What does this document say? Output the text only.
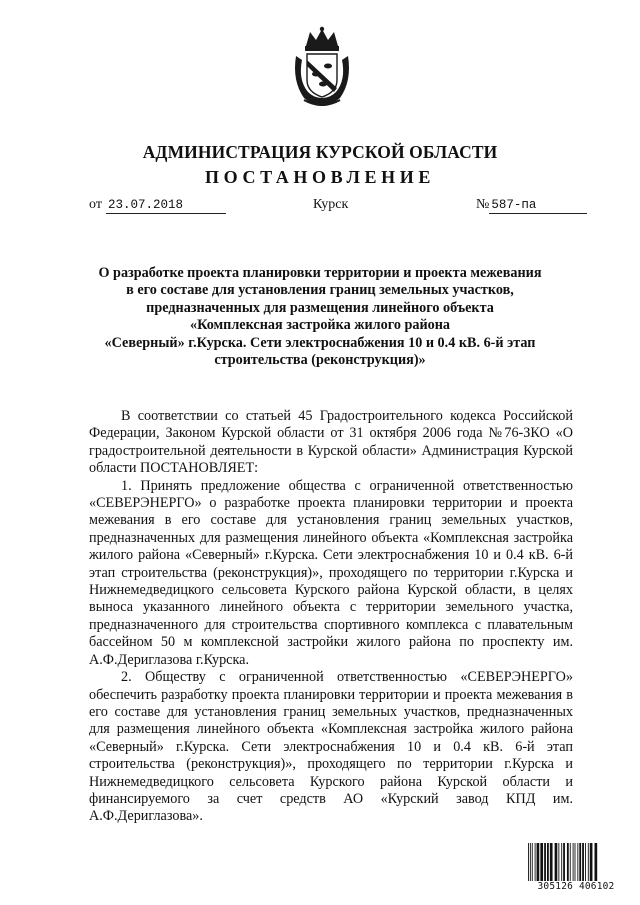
АДМИНИСТРАЦИЯ КУРСКОЙ ОБЛАСТИ
ПОСТАНОВЛЕНИЕ
от 23.07.2018	Курск	№ 587-па
О разработке проекта планировки территории и проекта межевания
в его составе для установления границ земельных участков,
предназначенных для размещения линейного объекта
«Комплексная застройка жилого района
«Северный» г.Курска. Сети электроснабжения 10 и 0.4 кВ. 6-й этап
строительства (реконструкция)»

В соответствии со статьей 45 Градостроительного кодекса Российской Федерации, Законом Курской области от 31 октября 2006 года №76-ЗКО «О градостроительной деятельности в Курской области» Администрация Курской области ПОСТАНОВЛЯЕТ:

1. Принять предложение общества с ограниченной ответственностью «СЕВЕРЭНЕРГО» о разработке проекта планировки территории и проекта межевания в его составе для установления границ земельных участков, предназначенных для размещения линейного объекта «Комплексная застройка жилого района «Северный» г.Курска. Сети электроснабжения 10 и 0.4 кВ. 6-й этап строительства (реконструкция)», проходящего по территории г.Курска и Нижнемедведицкого сельсовета Курского района Курской области, в целях выноса указанного линейного объекта с территории земельного участка, предназначенного для строительства спортивного комплекса с плавательным бассейном 50 м комплексной застройки жилого района по проспекту им. А.Ф.Дериглазова г.Курска.

2. Обществу с ограниченной ответственностью «СЕВЕРЭНЕРГО» обеспечить разработку проекта планировки территории и проекта межевания в его составе для установления границ земельных участков, предназначенных для размещения линейного объекта «Комплексная застройка жилого района «Северный» г.Курска. Сети электроснабжения 10 и 0.4 кВ. 6-й этап строительства (реконструкция)», проходящего по территории г.Курска и Нижнемедведицкого сельсовета Курского района Курской области и финансируемого за счет средств АО «Курский завод КПД им. А.Ф.Дериглазова».

305126 406102
